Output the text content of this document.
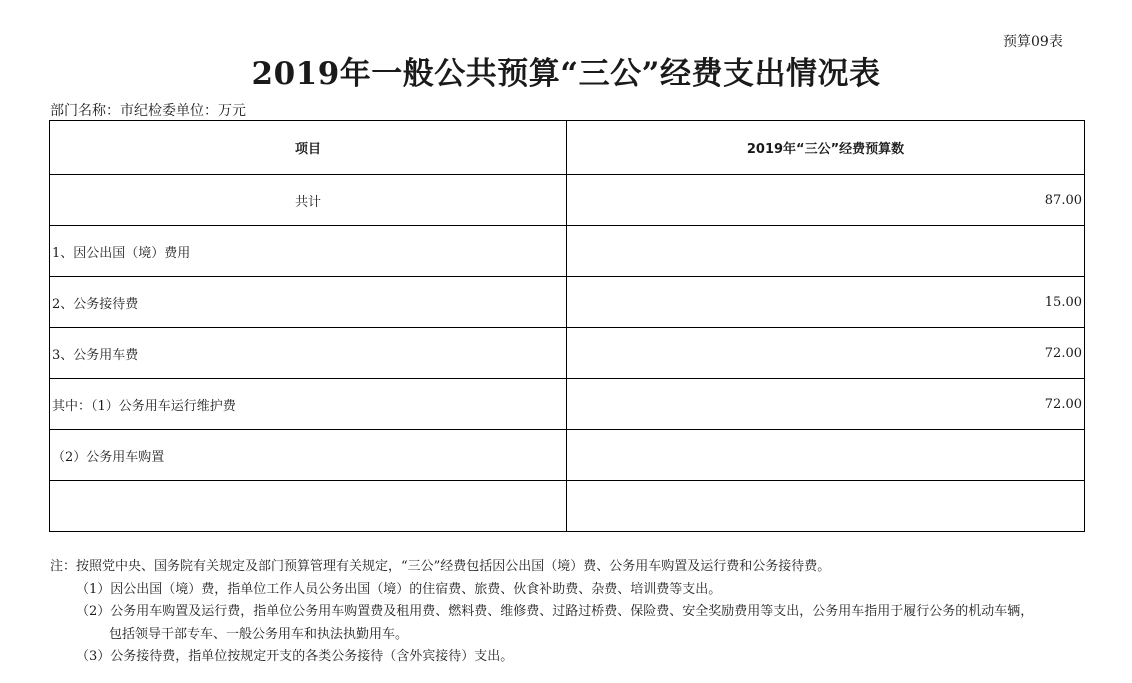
预算09表
2019年一般公共预算“三公”经费支出情况表
部门名称：市纪检委单位：万元
项目	2019年“三公”经费预算数
共计	87.00
1、因公出国（境）费用	
2、公务接待费	15.00
3、公务用车费	72.00
其中：（1）公务用车运行维护费	72.00
（2）公务用车购置	

注：按照党中央、国务院有关规定及部门预算管理有关规定，“三公”经费包括因公出国（境）费、公务用车购置及运行费和公务接待费。
（1）因公出国（境）费，指单位工作人员公务出国（境）的住宿费、旅费、伙食补助费、杂费、培训费等支出。
（2）公务用车购置及运行费，指单位公务用车购置费及租用费、燃料费、维修费、过路过桥费、保险费、安全奖励费用等支出，公务用车指用于履行公务的机动车辆，
包括领导干部专车、一般公务用车和执法执勤用车。
（3）公务接待费，指单位按规定开支的各类公务接待（含外宾接待）支出。
